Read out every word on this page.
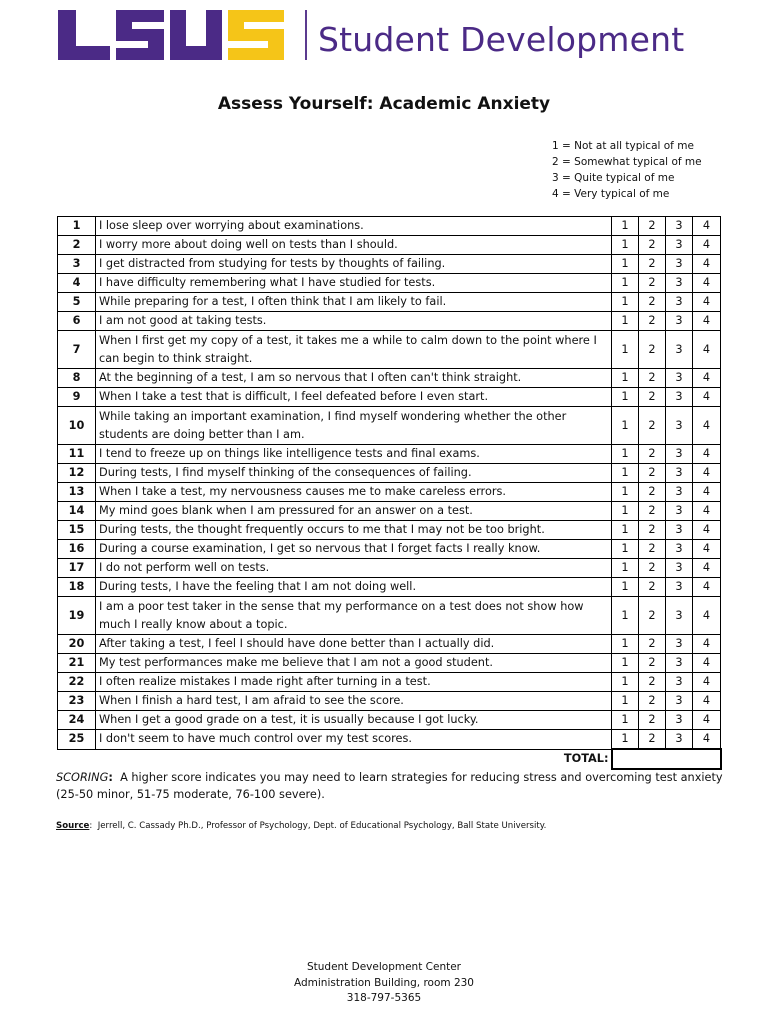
Student Development
Assess Yourself: Academic Anxiety
1 = Not at all typical of me
2 = Somewhat typical of me
3 = Quite typical of me
4 = Very typical of me
1	I lose sleep over worrying about examinations.	1	2	3	4
2	I worry more about doing well on tests than I should.	1	2	3	4
3	I get distracted from studying for tests by thoughts of failing.	1	2	3	4
4	I have difficulty remembering what I have studied for tests.	1	2	3	4
5	While preparing for a test, I often think that I am likely to fail.	1	2	3	4
6	I am not good at taking tests.	1	2	3	4
7	When I first get my copy of a test, it takes me a while to calm down to the point where I can begin to think straight.	1	2	3	4
8	At the beginning of a test, I am so nervous that I often can't think straight.	1	2	3	4
9	When I take a test that is difficult, I feel defeated before I even start.	1	2	3	4
10	While taking an important examination, I find myself wondering whether the other students are doing better than I am.	1	2	3	4
11	I tend to freeze up on things like intelligence tests and final exams.	1	2	3	4
12	During tests, I find myself thinking of the consequences of failing.	1	2	3	4
13	When I take a test, my nervousness causes me to make careless errors.	1	2	3	4
14	My mind goes blank when I am pressured for an answer on a test.	1	2	3	4
15	During tests, the thought frequently occurs to me that I may not be too bright.	1	2	3	4
16	During a course examination, I get so nervous that I forget facts I really know.	1	2	3	4
17	I do not perform well on tests.	1	2	3	4
18	During tests, I have the feeling that I am not doing well.	1	2	3	4
19	I am a poor test taker in the sense that my performance on a test does not show how much I really know about a topic.	1	2	3	4
20	After taking a test, I feel I should have done better than I actually did.	1	2	3	4
21	My test performances make me believe that I am not a good student.	1	2	3	4
22	I often realize mistakes I made right after turning in a test.	1	2	3	4
23	When I finish a hard test, I am afraid to see the score.	1	2	3	4
24	When I get a good grade on a test, it is usually because I got lucky.	1	2	3	4
25	I don't seem to have much control over my test scores.	1	2	3	4
	TOTAL:				
SCORING: A higher score indicates you may need to learn strategies for reducing stress and overcoming test anxiety (25-50 minor, 51-75 moderate, 76-100 severe).
Source:  Jerrell, C. Cassady Ph.D., Professor of Psychology, Dept. of Educational Psychology, Ball State University.
Student Development Center
Administration Building, room 230
318-797-5365
